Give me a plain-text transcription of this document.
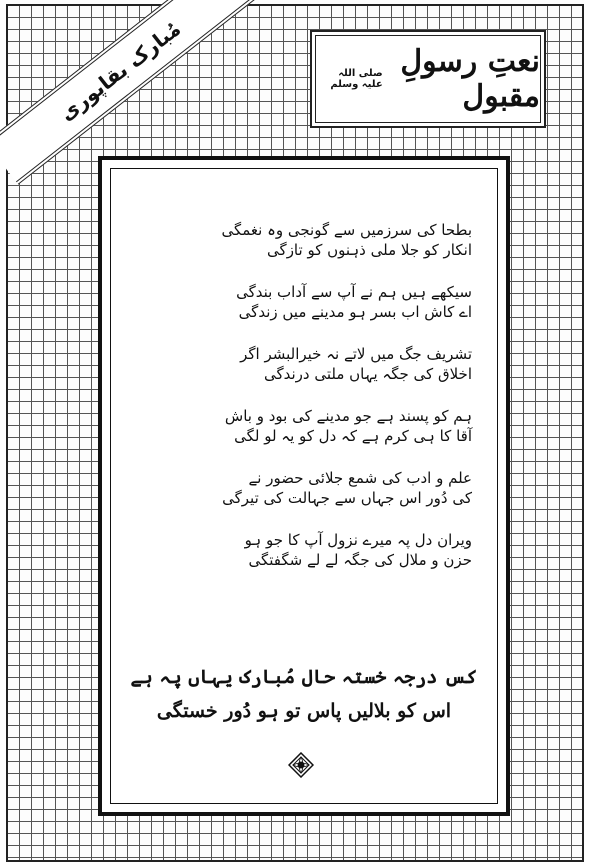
مُبارک بقاپوری	نعتِ رسولِ مقبول
صلی اللہ علیہ وسلم
بطحا کی سرزمیں سے گونجی وہ نغمگی
انکار کو جلا ملی ذہنوں کو تازگی
سیکھے ہیں ہم نے آپ سے آداب بندگی
اے کاش اب بسر ہو مدینے میں زندگی
تشریف جگ میں لاتے نہ خیرالبشر اگر
اخلاق کی جگہ یہاں ملتی درندگی
ہم کو پسند ہے جو مدینے کی بود و باش
آقا کا ہی کرم ہے کہ دل کو یہ لو لگی
علم و ادب کی شمع جلائی حضور نے
کی دُور اس جہاں سے جہالت کی تیرگی
ویران دل پہ میرے نزول آپ کا جو ہو
حزن و ملال کی جگہ لے لے شگفتگی
کس درجہ خستہ حال مُبارک یہاں پہ ہے
اس کو بلالیں پاس تو ہو دُور خستگی
